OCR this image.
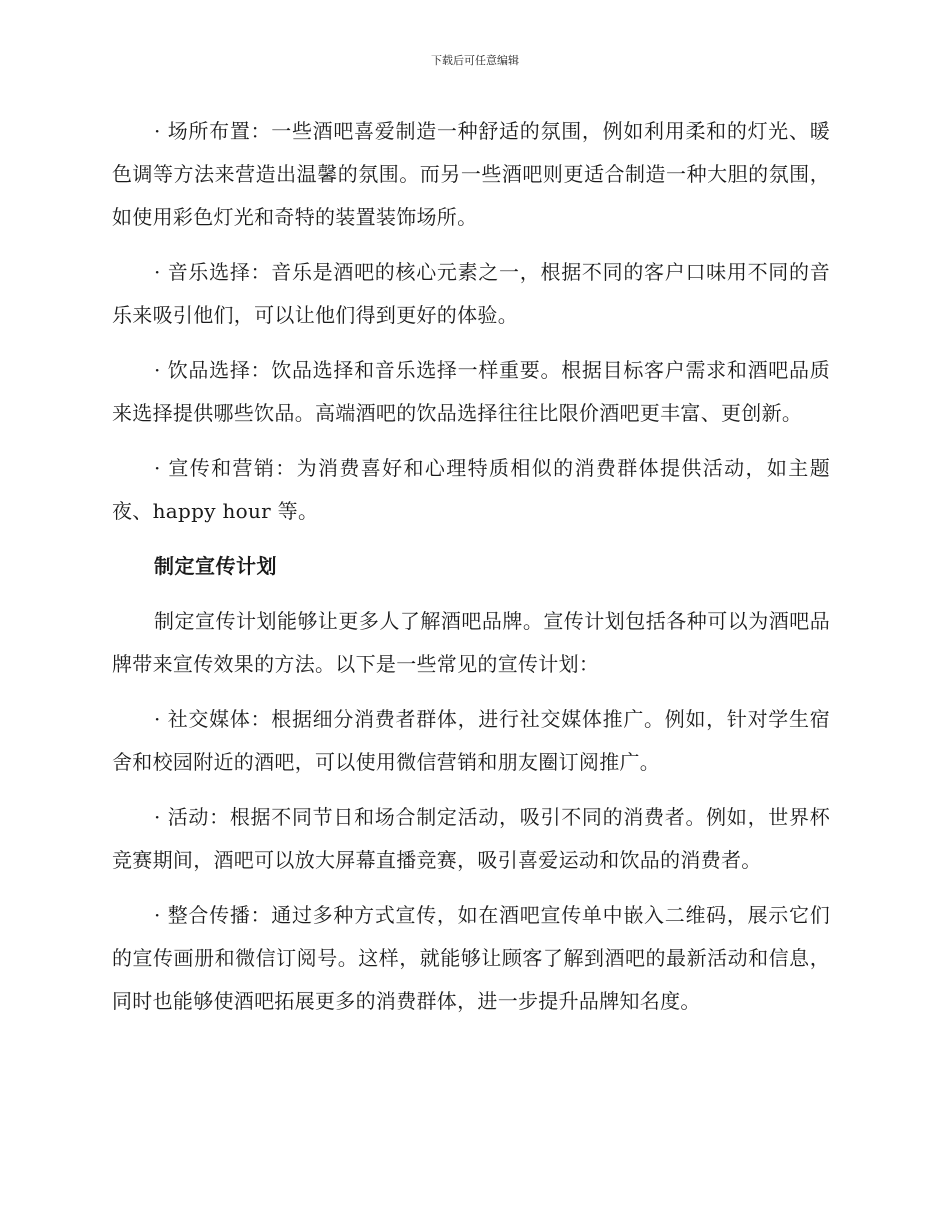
下载后可任意编辑

· 场所布置：一些酒吧喜爱制造一种舒适的氛围，例如利用柔和的灯光、暖色调等方法来营造出温馨的氛围。而另一些酒吧则更适合制造一种大胆的氛围，如使用彩色灯光和奇特的装置装饰场所。

· 音乐选择：音乐是酒吧的核心元素之一，根据不同的客户口味用不同的音乐来吸引他们，可以让他们得到更好的体验。

· 饮品选择：饮品选择和音乐选择一样重要。根据目标客户需求和酒吧品质来选择提供哪些饮品。高端酒吧的饮品选择往往比限价酒吧更丰富、更创新。

· 宣传和营销：为消费喜好和心理特质相似的消费群体提供活动，如主题夜、happy hour 等。

制定宣传计划

制定宣传计划能够让更多人了解酒吧品牌。宣传计划包括各种可以为酒吧品牌带来宣传效果的方法。以下是一些常见的宣传计划：

· 社交媒体：根据细分消费者群体，进行社交媒体推广。例如，针对学生宿舍和校园附近的酒吧，可以使用微信营销和朋友圈订阅推广。

· 活动：根据不同节日和场合制定活动，吸引不同的消费者。例如，世界杯竞赛期间，酒吧可以放大屏幕直播竞赛，吸引喜爱运动和饮品的消费者。

· 整合传播：通过多种方式宣传，如在酒吧宣传单中嵌入二维码，展示它们的宣传画册和微信订阅号。这样，就能够让顾客了解到酒吧的最新活动和信息，同时也能够使酒吧拓展更多的消费群体，进一步提升品牌知名度。
